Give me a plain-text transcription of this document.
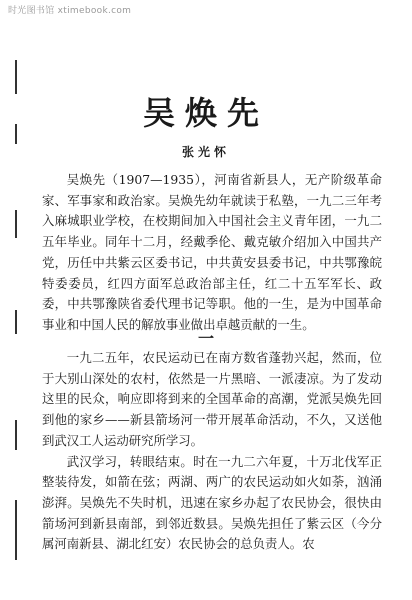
时光图书馆 xtimebook.com
吴焕先
张光怀

吴焕先（1907—1935），河南省新县人，无产阶级革命家、军事家和政治家。吴焕先幼年就读于私塾，一九二三年考入麻城职业学校，在校期间加入中国社会主义青年团，一九二五年毕业。同年十二月，经戴季伦、戴克敏介绍加入中国共产党，历任中共紫云区委书记，中共黄安县委书记，中共鄂豫皖特委委员，红四方面军总政治部主任，红二十五军军长、政委，中共鄂豫陕省委代理书记等职。他的一生，是为中国革命事业和中国人民的解放事业做出卓越贡献的一生。

一

一九二五年，农民运动已在南方数省蓬勃兴起，然而，位于大别山深处的农村，依然是一片黑暗、一派凄凉。为了发动这里的民众，响应即将到来的全国革命的高潮，党派吴焕先回到他的家乡——新县箭场河一带开展革命活动，不久，又送他到武汉工人运动研究所学习。

武汉学习，转眼结束。时在一九二六年夏，十万北伐军正整装待发，如箭在弦；两湖、两广的农民运动如火如荼，汹涌澎湃。吴焕先不失时机，迅速在家乡办起了农民协会，很快由箭场河到新县南部，到邻近数县。吴焕先担任了紫云区（今分属河南新县、湖北红安）农民协会的总负责人。农
